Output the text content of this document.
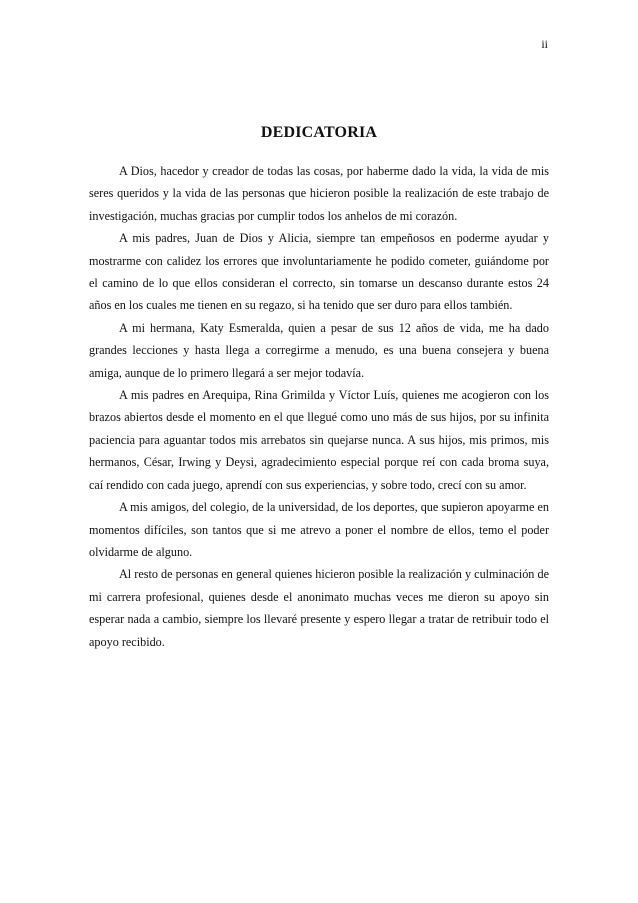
ii
DEDICATORIA

A Dios, hacedor y creador de todas las cosas, por haberme dado la vida, la vida de mis seres queridos y la vida de las personas que hicieron posible la realización de este trabajo de investigación, muchas gracias por cumplir todos los anhelos de mi corazón.

A mis padres, Juan de Dios y Alicia, siempre tan empeñosos en poderme ayudar y mostrarme con calidez los errores que involuntariamente he podido cometer, guiándome por el camino de lo que ellos consideran el correcto, sin tomarse un descanso durante estos 24 años en los cuales me tienen en su regazo, si ha tenido que ser duro para ellos también.

A mi hermana, Katy Esmeralda, quien a pesar de sus 12 años de vida, me ha dado grandes lecciones y hasta llega a corregirme a menudo, es una buena consejera y buena amiga, aunque de lo primero llegará a ser mejor todavía.

A mis padres en Arequipa, Rina Grimilda y Víctor Luís, quienes me acogieron con los brazos abiertos desde el momento en el que llegué como uno más de sus hijos, por su infinita paciencia para aguantar todos mis arrebatos sin quejarse nunca. A sus hijos, mis primos, mis hermanos, César, Irwing y Deysi, agradecimiento especial porque reí con cada broma suya, caí rendido con cada juego, aprendí con sus experiencias, y sobre todo, crecí con su amor.

A mis amigos, del colegio, de la universidad, de los deportes, que supieron apoyarme en momentos difíciles, son tantos que si me atrevo a poner el nombre de ellos, temo el poder olvidarme de alguno.

Al resto de personas en general quienes hicieron posible la realización y culminación de mi carrera profesional, quienes desde el anonimato muchas veces me dieron su apoyo sin esperar nada a cambio, siempre los llevaré presente y espero llegar a tratar de retribuir todo el apoyo recibido.
